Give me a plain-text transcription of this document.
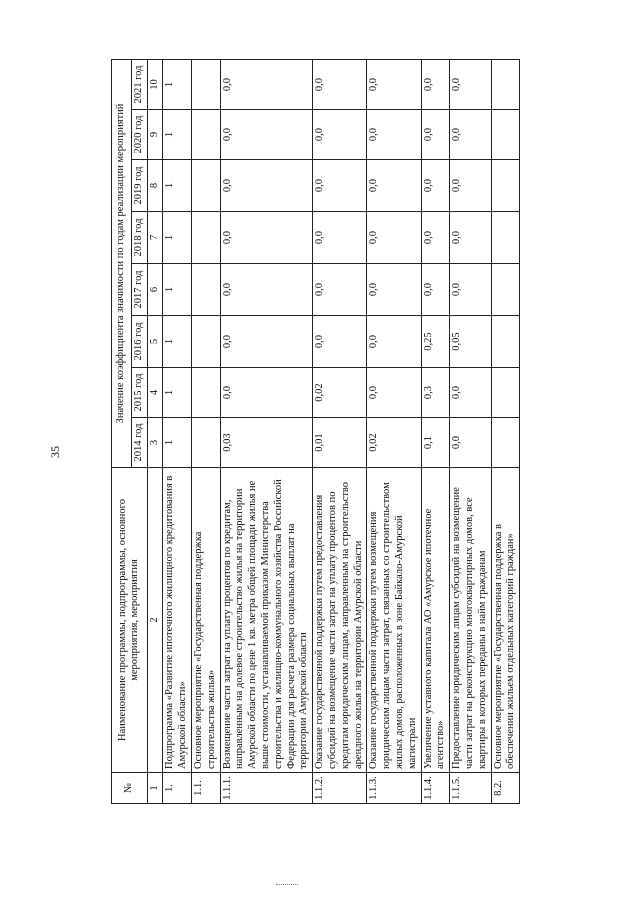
35
№	Наименование программы, подпрограммы, основного мероприятия, мероприятия	Значение коэффициента значимости по годам реализации мероприятий							
		2014 год	2015 год	2016 год	2017 год	2018 год	2019 год	2020 год	2021 год
1	2	3	4	5	6	7	8	9	10
1.	Подпрограмма «Развитие ипотечного жилищного кредитования в Амурской области»	1	1	1	1	1	1	1	1
1.1.	Основное мероприятие «Государственная поддержка строительства жилья»								
1.1.1.	Возмещение части затрат на уплату процентов по кредитам, направленным на долевое строительство жилья на территории Амурской области по цене 1 кв. метра общей площади жилья не выше стоимости, устанавливаемой приказом Министерства строительства и жилищно-коммунального хозяйства Российской Федерации для расчета размера социальных выплат на территории Амурской области	0,03	0,0	0,0	0,0	0,0	0,0	0,0	0,0
1.1.2.	Оказание государственной поддержки путем предоставления субсидий на возмещение части затрат на уплату процентов по кредитам юридическим лицам, направленным на строительство арендного жилья на территории Амурской области	0,01	0,02	0,0	0,0	0,0	0,0	0,0	0,0
1.1.3.	Оказание государственной поддержки путем возмещения юридическим лицам части затрат, связанных со строительством жилых домов, расположенных в зоне Байкало-Амурской магистрали	0,02	0,0	0,0	0,0	0,0	0,0	0,0	0,0
1.1.4.	Увеличение уставного капитала АО «Амурское ипотечное агентство»	0,1	0,3	0,25	0,0	0,0	0,0	0,0	0,0
1.1.5.	Предоставление юридическим лицам субсидий на возмещение части затрат на реконструкцию многоквартирных домов, все квартиры в которых переданы в найм гражданам	0,0	0,0	0,05	0,0	0,0	0,0	0,0	0,0
8.2.	Основное мероприятие «Государственная поддержка в обеспечении жильем отдельных категорий граждан»								
